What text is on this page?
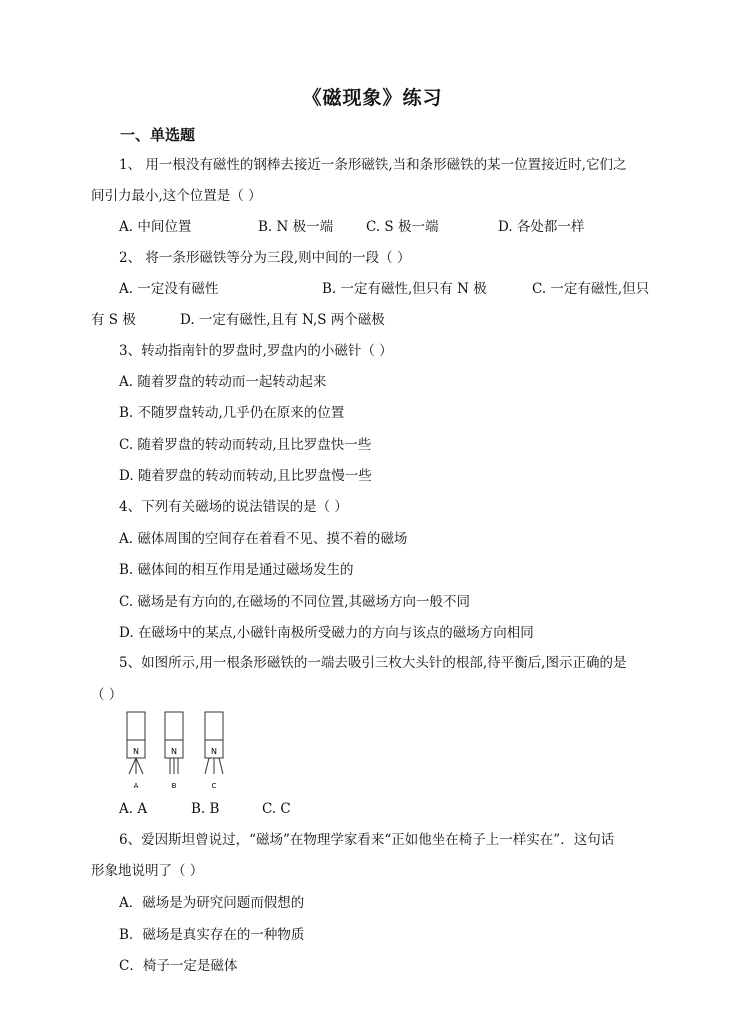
《磁现象》练习
一、单选题
1、 用一根没有磁性的钢棒去接近一条形磁铁,当和条形磁铁的某一位置接近时,它们之
间引力最小,这个位置是（ ）
A. 中间位置	B. N 极一端 C. S 极一端	D. 各处都一样
2、 将一条形磁铁等分为三段,则中间的一段（ ）
A. 一定没有磁性	B. 一定有磁性,但只有 N 极	C. 一定有磁性,但只
有 S 极	D. 一定有磁性,且有 N,S 两个磁极
3、转动指南针的罗盘时,罗盘内的小磁针（ ）
A. 随着罗盘的转动而一起转动起来
B. 不随罗盘转动,几乎仍在原来的位置
C. 随着罗盘的转动而转动,且比罗盘快一些
D. 随着罗盘的转动而转动,且比罗盘慢一些
4、下列有关磁场的说法错误的是（ ）
A. 磁体周围的空间存在着看不见、摸不着的磁场
B. 磁体间的相互作用是通过磁场发生的
C. 磁场是有方向的,在磁场的不同位置,其磁场方向一般不同
D. 在磁场中的某点,小磁针南极所受磁力的方向与该点的磁场方向相同
5、如图所示,用一根条形磁铁的一端去吸引三枚大头针的根部,待平衡后,图示正确的是
（ ）
N
A
N
B
N
C
A. A	B. B	C. C
6、爱因斯坦曾说过，“磁场”在物理学家看来“正如他坐在椅子上一样实在”．这句话
形象地说明了（ ）
A．磁场是为研究问题而假想的
B．磁场是真实存在的一种物质
C．椅子一定是磁体
